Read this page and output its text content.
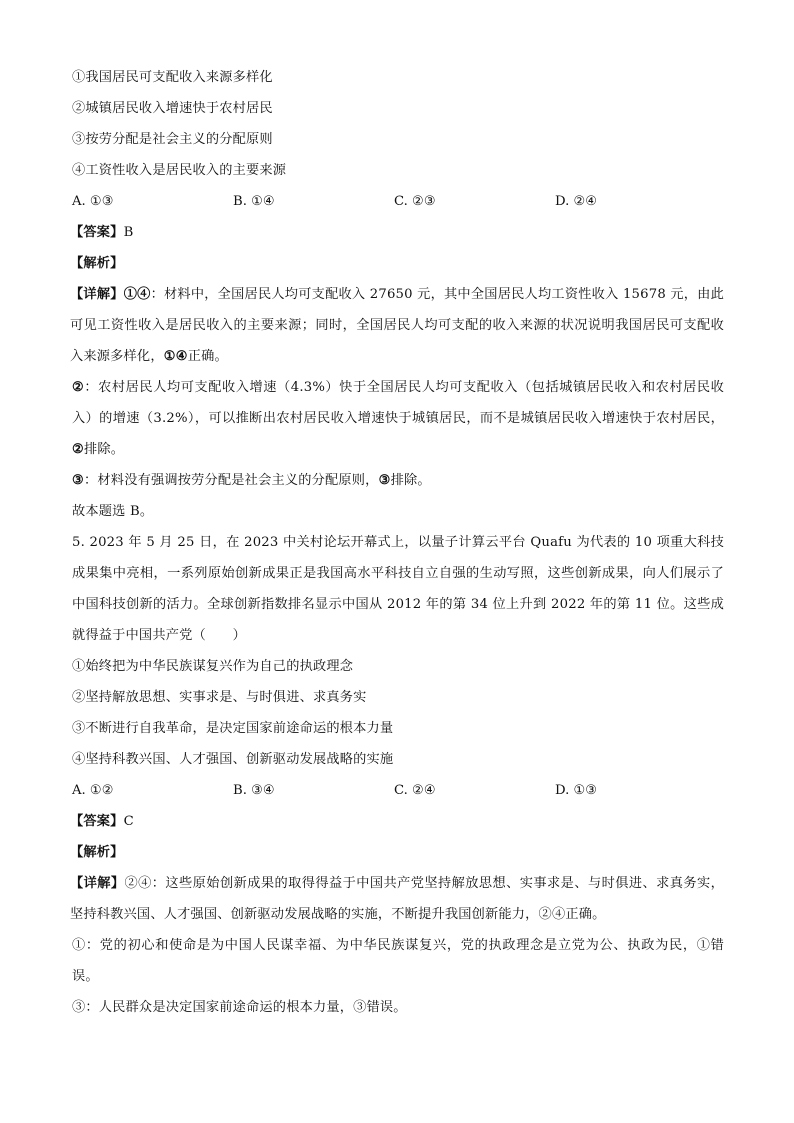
①我国居民可支配收入来源多样化
②城镇居民收入增速快于农村居民
③按劳分配是社会主义的分配原则
④工资性收入是居民收入的主要来源
A. ①③	B. ①④	C. ②③	D. ②④
【答案】B
【解析】
【详解】①④：材料中，全国居民人均可支配收入 27650 元，其中全国居民人均工资性收入 15678 元，由此可见工资性收入是居民收入的主要来源；同时，全国居民人均可支配的收入来源的状况说明我国居民可支配收入来源多样化，①④正确。
②：农村居民人均可支配收入增速（4.3%）快于全国居民人均可支配收入（包括城镇居民收入和农村居民收入）的增速（3.2%），可以推断出农村居民收入增速快于城镇居民，而不是城镇居民收入增速快于农村居民，②排除。
③：材料没有强调按劳分配是社会主义的分配原则，③排除。
故本题选 B。
5. 2023 年 5 月 25 日，在 2023 中关村论坛开幕式上，以量子计算云平台 Quafu 为代表的 10 项重大科技成果集中亮相，一系列原始创新成果正是我国高水平科技自立自强的生动写照，这些创新成果，向人们展示了中国科技创新的活力。全球创新指数排名显示中国从 2012 年的第 34 位上升到 2022 年的第 11 位。这些成就得益于中国共产党（　　）
①始终把为中华民族谋复兴作为自己的执政理念
②坚持解放思想、实事求是、与时俱进、求真务实
③不断进行自我革命，是决定国家前途命运的根本力量
④坚持科教兴国、人才强国、创新驱动发展战略的实施
A. ①②	B. ③④	C. ②④	D. ①③
【答案】C
【解析】
【详解】②④：这些原始创新成果的取得得益于中国共产党坚持解放思想、实事求是、与时俱进、求真务实，坚持科教兴国、人才强国、创新驱动发展战略的实施，不断提升我国创新能力，②④正确。
①：党的初心和使命是为中国人民谋幸福、为中华民族谋复兴，党的执政理念是立党为公、执政为民，①错误。
③：人民群众是决定国家前途命运的根本力量，③错误。
